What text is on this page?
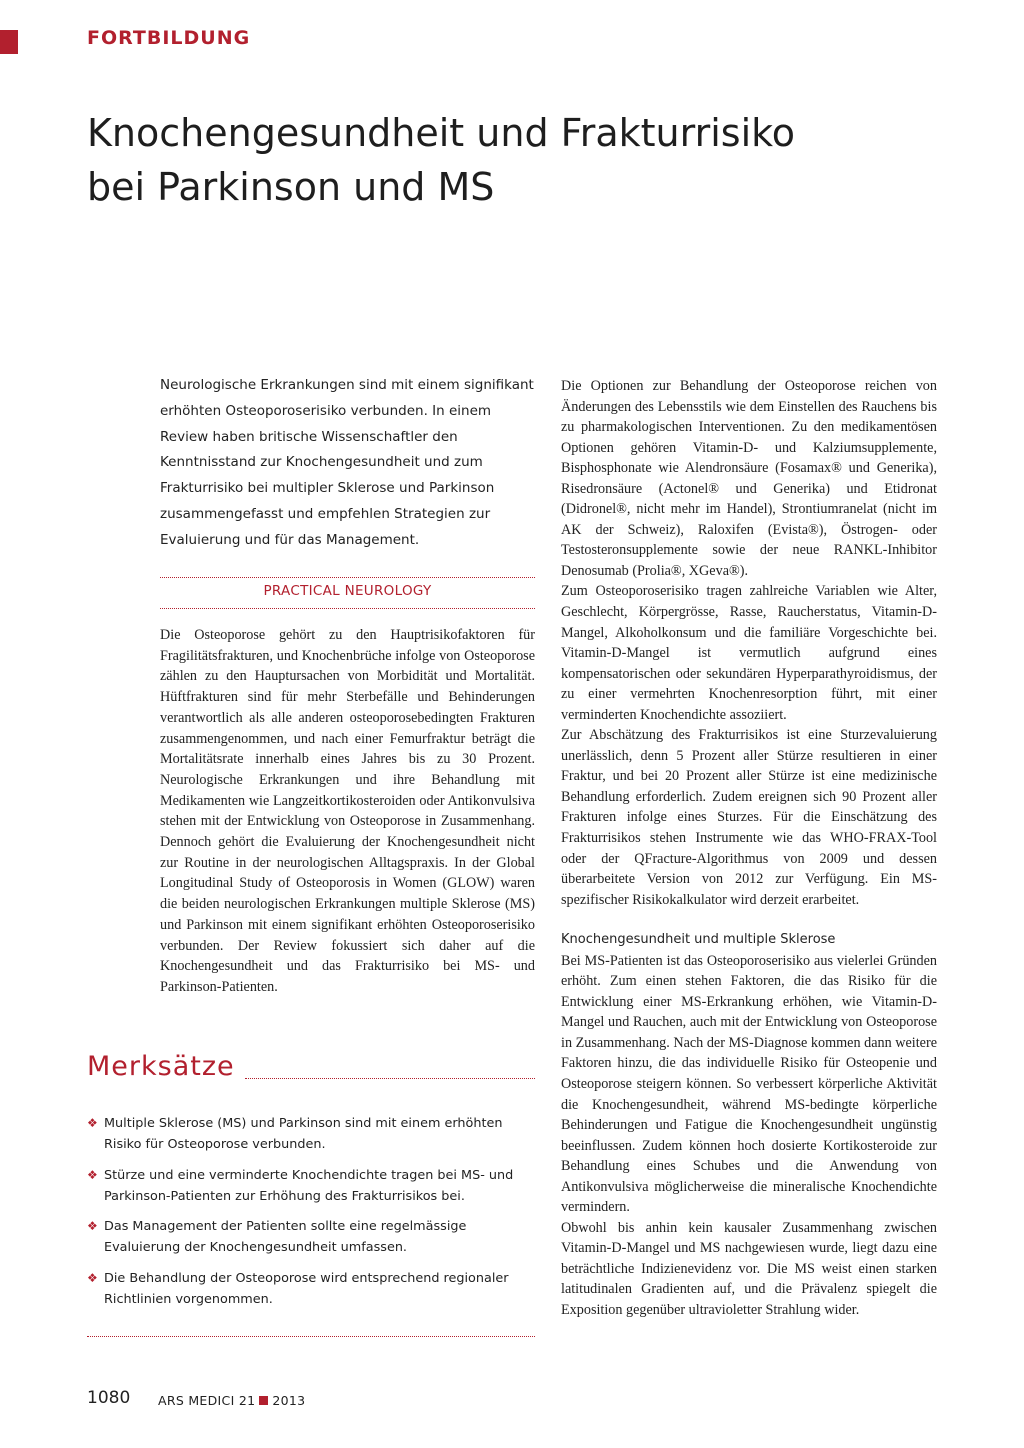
FORTBILDUNG
Knochengesundheit und Frakturrisiko
bei Parkinson und MS

Neurologische Erkrankungen sind mit einem signifikant erhöhten Osteoporoserisiko verbunden. In einem Review haben britische Wissenschaftler den Kenntnisstand zur Knochengesundheit und zum Frakturrisiko bei multipler Sklerose und Parkinson zusammengefasst und empfehlen Strategien zur Evaluierung und für das Management.

PRACTICAL NEUROLOGY

Die Osteoporose gehört zu den Hauptrisikofaktoren für Fragilitätsfrakturen, und Knochenbrüche infolge von Osteoporose zählen zu den Hauptursachen von Morbidität und Mortalität. Hüftfrakturen sind für mehr Sterbefälle und Behinderungen verantwortlich als alle anderen osteoporosebedingten Frakturen zusammengenommen, und nach einer Femurfraktur beträgt die Mortalitätsrate innerhalb eines Jahres bis zu 30 Prozent. Neurologische Erkrankungen und ihre Behandlung mit Medikamenten wie Langzeitkortikosteroiden oder Antikonvulsiva stehen mit der Entwicklung von Osteoporose in Zusammenhang. Dennoch gehört die Evaluierung der Knochengesundheit nicht zur Routine in der neurologischen Alltagspraxis. In der Global Longitudinal Study of Osteoporosis in Women (GLOW) waren die beiden neurologischen Erkrankungen multiple Sklerose (MS) und Parkinson mit einem signifikant erhöhten Osteoporoserisiko verbunden. Der Review fokussiert sich daher auf die Knochengesundheit und das Frakturrisiko bei MS- und Parkinson-Patienten.

Merksätze
❖ Multiple Sklerose (MS) und Parkinson sind mit einem erhöhten Risiko für Osteoporose verbunden.
❖ Stürze und eine verminderte Knochendichte tragen bei MS- und Parkinson-Patienten zur Erhöhung des Frakturrisikos bei.
❖ Das Management der Patienten sollte eine regelmässige Evaluierung der Knochengesundheit umfassen.
❖ Die Behandlung der Osteoporose wird entsprechend regionaler Richtlinien vorgenommen.

Die Optionen zur Behandlung der Osteoporose reichen von Änderungen des Lebensstils wie dem Einstellen des Rauchens bis zu pharmakologischen Interventionen. Zu den medikamentösen Optionen gehören Vitamin-D- und Kalziumsupplemente, Bisphosphonate wie Alendronsäure (Fosamax® und Generika), Risedronsäure (Actonel® und Generika) und Etidronat (Didronel®, nicht mehr im Handel), Strontiumranelat (nicht im AK der Schweiz), Raloxifen (Evista®), Östrogen- oder Testosteronsupplemente sowie der neue RANKL-Inhibitor Denosumab (Prolia®, XGeva®).

Zum Osteoporoserisiko tragen zahlreiche Variablen wie Alter, Geschlecht, Körpergrösse, Rasse, Raucherstatus, Vitamin-D-Mangel, Alkoholkonsum und die familiäre Vorgeschichte bei. Vitamin-D-Mangel ist vermutlich aufgrund eines kompensatorischen oder sekundären Hyperparathyroidismus, der zu einer vermehrten Knochenresorption führt, mit einer verminderten Knochendichte assoziiert.

Zur Abschätzung des Frakturrisikos ist eine Sturzevaluierung unerlässlich, denn 5 Prozent aller Stürze resultieren in einer Fraktur, und bei 20 Prozent aller Stürze ist eine medizinische Behandlung erforderlich. Zudem ereignen sich 90 Prozent aller Frakturen infolge eines Sturzes. Für die Einschätzung des Frakturrisikos stehen Instrumente wie das WHO-FRAX-Tool oder der QFracture-Algorithmus von 2009 und dessen überarbeitete Version von 2012 zur Verfügung. Ein MS-spezifischer Risikokalkulator wird derzeit erarbeitet.

Knochengesundheit und multiple Sklerose

Bei MS-Patienten ist das Osteoporoserisiko aus vielerlei Gründen erhöht. Zum einen stehen Faktoren, die das Risiko für die Entwicklung einer MS-Erkrankung erhöhen, wie Vitamin-D-Mangel und Rauchen, auch mit der Entwicklung von Osteoporose in Zusammenhang. Nach der MS-Diagnose kommen dann weitere Faktoren hinzu, die das individuelle Risiko für Osteopenie und Osteoporose steigern können. So verbessert körperliche Aktivität die Knochengesundheit, während MS-bedingte körperliche Behinderungen und Fatigue die Knochengesundheit ungünstig beeinflussen. Zudem können hoch dosierte Kortikosteroide zur Behandlung eines Schubes und die Anwendung von Antikonvulsiva möglicherweise die mineralische Knochendichte vermindern.

Obwohl bis anhin kein kausaler Zusammenhang zwischen Vitamin-D-Mangel und MS nachgewiesen wurde, liegt dazu eine beträchtliche Indizienevidenz vor. Die MS weist einen starken latitudinalen Gradienten auf, und die Prävalenz spiegelt die Exposition gegenüber ultravioletter Strahlung wider.

1080 ARS MEDICI 21 2013
